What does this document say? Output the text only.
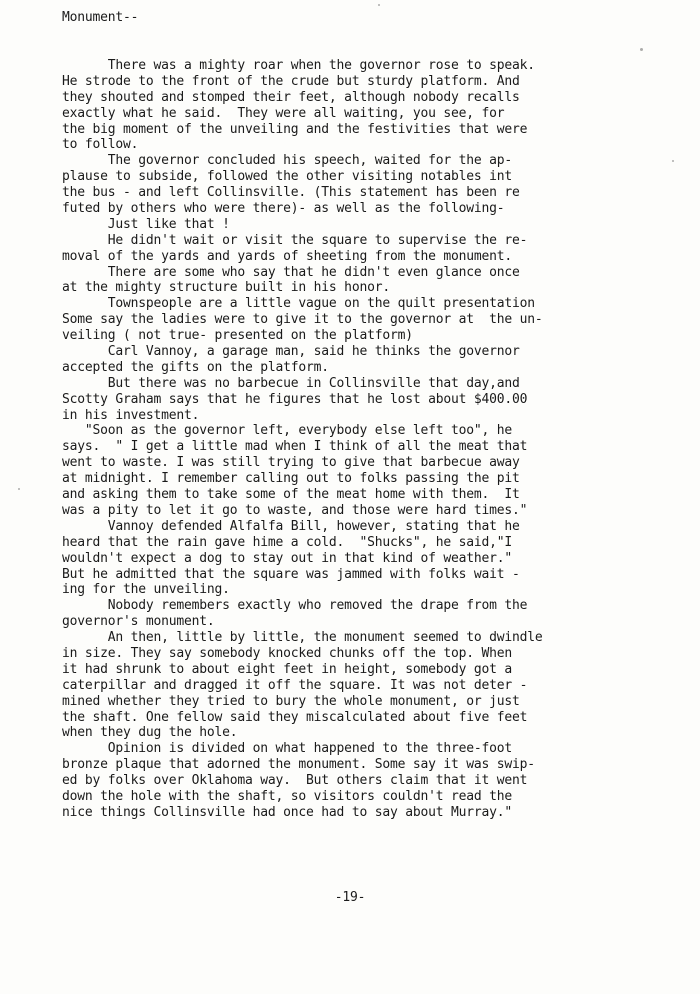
Monument--
There was a mighty roar when the governor rose to speak.
He strode to the front of the crude but sturdy platform. And
they shouted and stomped their feet, although nobody recalls
exactly what he said.  They were all waiting, you see, for
the big moment of the unveiling and the festivities that were
to follow.
The governor concluded his speech, waited for the ap-
plause to subside, followed the other visiting notables int
the bus - and left Collinsville. (This statement has been re
futed by others who were there)- as well as the following-
Just like that !
He didn't wait or visit the square to supervise the re-
moval of the yards and yards of sheeting from the monument.
There are some who say that he didn't even glance once
at the mighty structure built in his honor.
Townspeople are a little vague on the quilt presentation
Some say the ladies were to give it to the governor at  the un-
veiling ( not true- presented on the platform)
Carl Vannoy, a garage man, said he thinks the governor
accepted the gifts on the platform.
But there was no barbecue in Collinsville that day,and
Scotty Graham says that he figures that he lost about $400.00
in his investment.
"Soon as the governor left, everybody else left too", he
says.  " I get a little mad when I think of all the meat that
went to waste. I was still trying to give that barbecue away
at midnight. I remember calling out to folks passing the pit
and asking them to take some of the meat home with them.  It
was a pity to let it go to waste, and those were hard times."
Vannoy defended Alfalfa Bill, however, stating that he
heard that the rain gave hime a cold.  "Shucks", he said,"I
wouldn't expect a dog to stay out in that kind of weather."
But he admitted that the square was jammed with folks wait -
ing for the unveiling.
Nobody remembers exactly who removed the drape from the
governor's monument.
An then, little by little, the monument seemed to dwindle
in size. They say somebody knocked chunks off the top. When
it had shrunk to about eight feet in height, somebody got a
caterpillar and dragged it off the square. It was not deter -
mined whether they tried to bury the whole monument, or just
the shaft. One fellow said they miscalculated about five feet
when they dug the hole.
Opinion is divided on what happened to the three-foot
bronze plaque that adorned the monument. Some say it was swip-
ed by folks over Oklahoma way.  But others claim that it went
down the hole with the shaft, so visitors couldn't read the
nice things Collinsville had once had to say about Murray."
-19-
